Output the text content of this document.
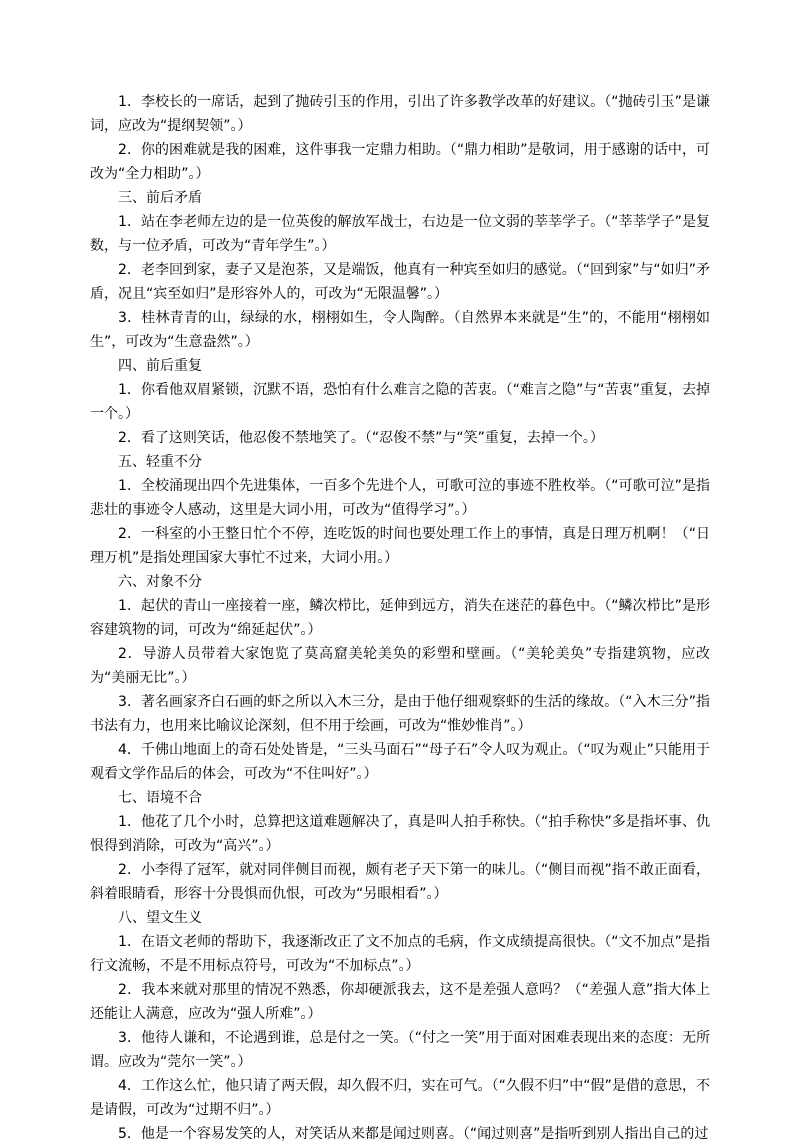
1．李校长的一席话，起到了抛砖引玉的作用，引出了许多教学改革的好建议。（“抛砖引玉”是谦词，应改为“提纲契领”。）

2．你的困难就是我的困难，这件事我一定鼎力相助。（“鼎力相助”是敬词，用于感谢的话中，可改为“全力相助”。）

三、前后矛盾

1．站在李老师左边的是一位英俊的解放军战士，右边是一位文弱的莘莘学子。（“莘莘学子”是复数，与一位矛盾，可改为“青年学生”。）

2．老李回到家，妻子又是泡茶，又是端饭，他真有一种宾至如归的感觉。（“回到家”与“如归”矛盾，况且“宾至如归”是形容外人的，可改为“无限温馨”。）

3．桂林青青的山，绿绿的水，栩栩如生，令人陶醉。（自然界本来就是“生”的，不能用“栩栩如生”，可改为“生意盎然”。）

四、前后重复

1．你看他双眉紧锁，沉默不语，恐怕有什么难言之隐的苦衷。（“难言之隐”与“苦衷”重复，去掉一个。）

2．看了这则笑话，他忍俊不禁地笑了。（“忍俊不禁”与“笑”重复，去掉一个。）

五、轻重不分

1．全校涌现出四个先进集体，一百多个先进个人，可歌可泣的事迹不胜枚举。（“可歌可泣”是指悲壮的事迹令人感动，这里是大词小用，可改为“值得学习”。）

2．一科室的小王整日忙个不停，连吃饭的时间也要处理工作上的事情，真是日理万机啊！（“日理万机”是指处理国家大事忙不过来，大词小用。）

六、对象不分

1．起伏的青山一座接着一座，鳞次栉比，延伸到远方，消失在迷茫的暮色中。（“鳞次栉比”是形容建筑物的词，可改为“绵延起伏”。）

2．导游人员带着大家饱览了莫高窟美轮美奂的彩塑和壁画。（“美轮美奂”专指建筑物，应改为“美丽无比”。）

3．著名画家齐白石画的虾之所以入木三分，是由于他仔细观察虾的生活的缘故。（“入木三分”指书法有力，也用来比喻议论深刻，但不用于绘画，可改为“惟妙惟肖”。）

4．千佛山地面上的奇石处处皆是，“三头马面石”“母子石”令人叹为观止。（“叹为观止”只能用于观看文学作品后的体会，可改为“不住叫好”。）

七、语境不合

1．他花了几个小时，总算把这道难题解决了，真是叫人拍手称快。（“拍手称快”多是指坏事、仇恨得到消除，可改为“高兴”。）

2．小李得了冠军，就对同伴侧目而视，颇有老子天下第一的味儿。（“侧目而视”指不敢正面看，斜着眼睛看，形容十分畏惧而仇恨，可改为“另眼相看”。）

八、望文生义

1．在语文老师的帮助下，我逐渐改正了文不加点的毛病，作文成绩提高很快。（“文不加点”是指行文流畅，不是不用标点符号，可改为“不加标点”。）

2．我本来就对那里的情况不熟悉，你却硬派我去，这不是差强人意吗？（“差强人意”指大体上还能让人满意，应改为“强人所难”。）

3．他待人谦和，不论遇到谁，总是付之一笑。（“付之一笑”用于面对困难表现出来的态度：无所谓。应改为“莞尔一笑”。）

4．工作这么忙，他只请了两天假，却久假不归，实在可气。（“久假不归”中“假”是借的意思，不是请假，可改为“过期不归”。）

5．他是一个容易发笑的人，对笑话从来都是闻过则喜。（“闻过则喜”是指听到别人指出自己的过
